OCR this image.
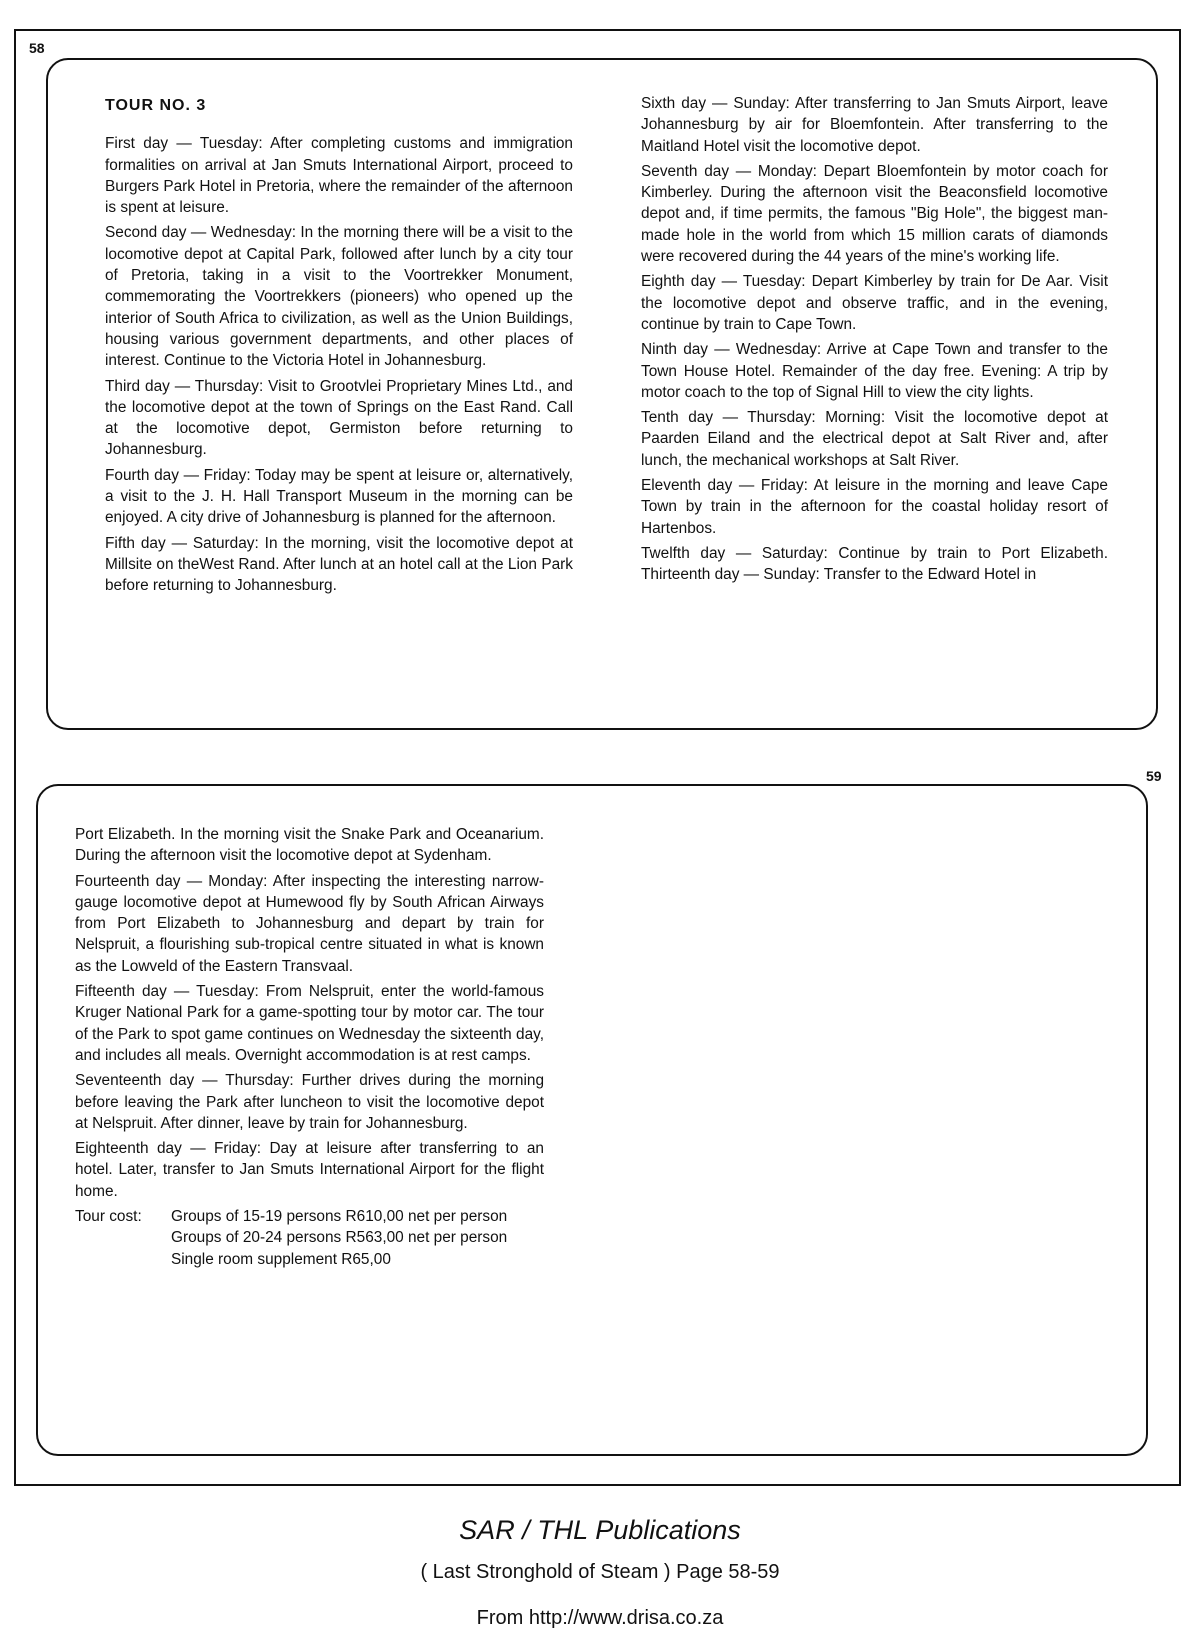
58
59
TOUR NO. 3

First day — Tuesday: After completing customs and immigration formalities on arrival at Jan Smuts International Airport, proceed to Burgers Park Hotel in Pretoria, where the remainder of the afternoon is spent at leisure.

Second day — Wednesday: In the morning there will be a visit to the locomotive depot at Capital Park, followed after lunch by a city tour of Pretoria, taking in a visit to the Voortrekker Monument, commemorating the Voortrekkers (pioneers) who opened up the interior of South Africa to civilization, as well as the Union Buildings, housing various government departments, and other places of interest. Continue to the Victoria Hotel in Johannesburg.

Third day — Thursday: Visit to Grootvlei Proprietary Mines Ltd., and the locomotive depot at the town of Springs on the East Rand. Call at the locomotive depot, Germiston before returning to Johannesburg.

Fourth day — Friday: Today may be spent at leisure or, alternatively, a visit to the J. H. Hall Transport Museum in the morning can be enjoyed. A city drive of Johannesburg is planned for the afternoon.

Fifth day — Saturday: In the morning, visit the locomotive depot at Millsite on theWest Rand. After lunch at an hotel call at the Lion Park before returning to Johannesburg.

Sixth day — Sunday: After transferring to Jan Smuts Airport, leave Johannesburg by air for Bloemfontein. After transferring to the Maitland Hotel visit the locomotive depot.

Seventh day — Monday: Depart Bloemfontein by motor coach for Kimberley. During the afternoon visit the Beaconsfield locomotive depot and, if time permits, the famous "Big Hole", the biggest man-made hole in the world from which 15 million carats of diamonds were recovered during the 44 years of the mine's working life.

Eighth day — Tuesday: Depart Kimberley by train for De Aar. Visit the locomotive depot and observe traffic, and in the evening, continue by train to Cape Town.

Ninth day — Wednesday: Arrive at Cape Town and transfer to the Town House Hotel. Remainder of the day free. Evening: A trip by motor coach to the top of Signal Hill to view the city lights.

Tenth day — Thursday: Morning: Visit the locomotive depot at Paarden Eiland and the electrical depot at Salt River and, after lunch, the mechanical workshops at Salt River.

Eleventh day — Friday: At leisure in the morning and leave Cape Town by train in the afternoon for the coastal holiday resort of Hartenbos.

Twelfth day — Saturday: Continue by train to Port Elizabeth. Thirteenth day — Sunday: Transfer to the Edward Hotel in

Port Elizabeth. In the morning visit the Snake Park and Oceanarium. During the afternoon visit the locomotive depot at Sydenham.

Fourteenth day — Monday: After inspecting the interesting narrow-gauge locomotive depot at Humewood fly by South African Airways from Port Elizabeth to Johannesburg and depart by train for Nelspruit, a flourishing sub-tropical centre situated in what is known as the Lowveld of the Eastern Transvaal.

Fifteenth day — Tuesday: From Nelspruit, enter the world-famous Kruger National Park for a game-spotting tour by motor car. The tour of the Park to spot game continues on Wednesday the sixteenth day, and includes all meals. Overnight accommodation is at rest camps.

Seventeenth day — Thursday: Further drives during the morning before leaving the Park after luncheon to visit the locomotive depot at Nelspruit. After dinner, leave by train for Johannesburg.

Eighteenth day — Friday: Day at leisure after transferring to an hotel. Later, transfer to Jan Smuts International Airport for the flight home.

Tour cost:	Groups of 15-19 persons R610,00 net per person
Groups of 20-24 persons R563,00 net per person
Single room supplement R65,00
SAR / THL Publications
( Last Stronghold of Steam ) Page 58-59
From http://www.drisa.co.za
